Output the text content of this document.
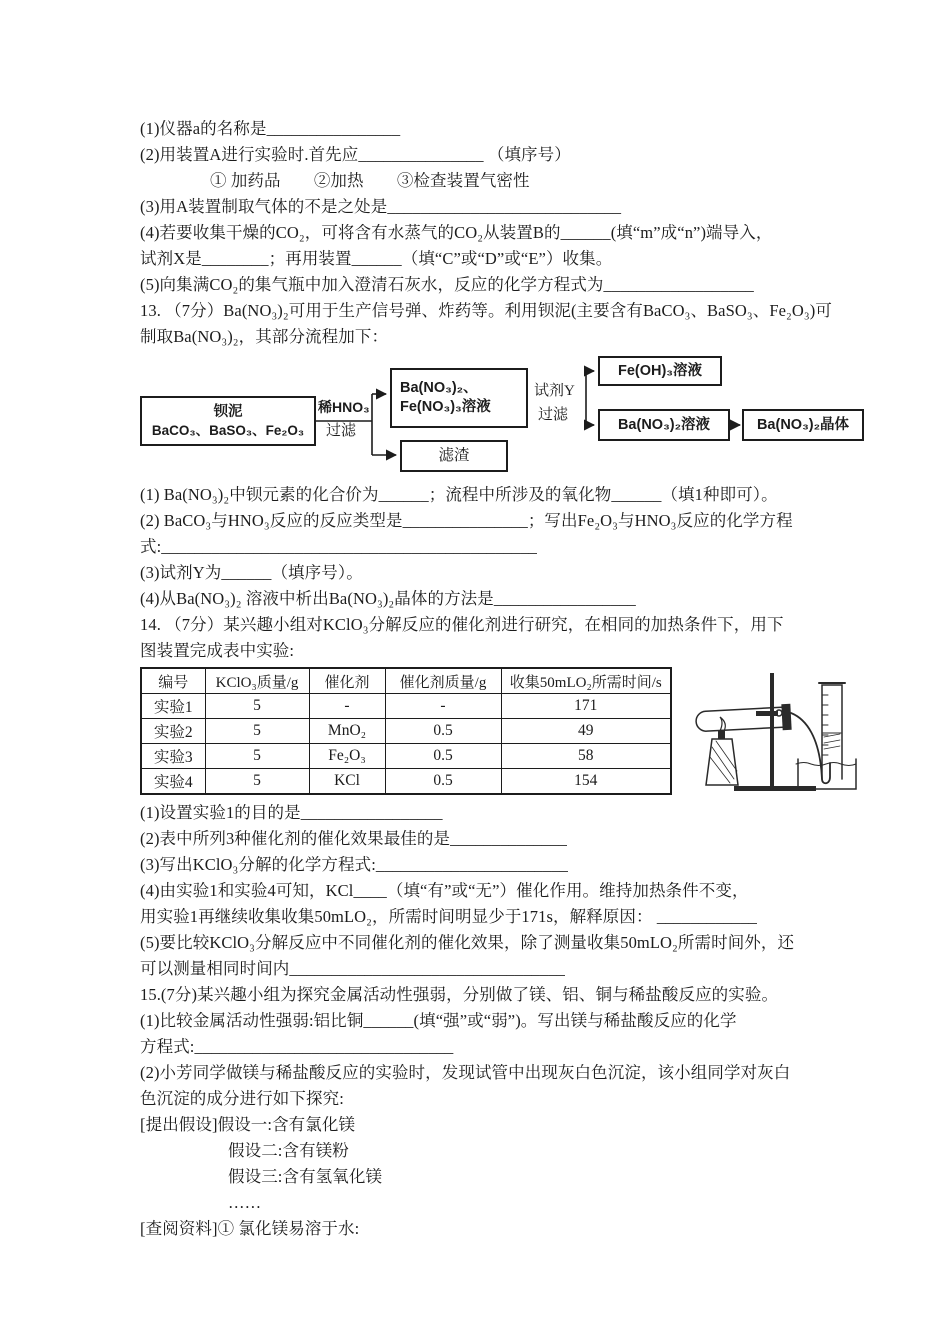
(1)仪器a的名称是________________
(2)用装置A进行实验时.首先应_______________ （填序号）
① 加药品　　②加热　　③检查装置气密性
(3)用A装置制取气体的不是之处是____________________________
(4)若要收集干燥的CO₂，可将含有水蒸气的CO₂从装置B的______(填“m”成“n”)端导入，
试剂X是________；再用装置______（填“C”或“D”或“E”）收集。
(5)向集满CO₂的集气瓶中加入澄清石灰水，反应的化学方程式为__________________
13. （7分）Ba(NO₃)₂可用于生产信号弹、炸药等。利用钡泥(主要含有BaCO₃、BaSO₃、Fe₂O₃)可
制取Ba(NO₃)₂，其部分流程加下：
钡泥
BaCO₃、BaSO₃、Fe₂O₃
稀HNO₃
过滤
Ba(NO₃)₂、
Fe(NO₃)₃溶液
滤渣
试剂Y
过滤
Fe(OH)₃溶液
Ba(NO₃)₂溶液	Ba(NO₃)₂晶体
(1) Ba(NO₃)₂中钡元素的化合价为______；流程中所涉及的氧化物______（填1种即可）。
(2) BaCO₃与HNO₃反应的反应类型是_______________；写出Fe₂O₃与HNO₃反应的化学方程
式:_____________________________________________
(3)试剂Y为______（填序号）。
(4)从Ba(NO₃)₂ 溶液中析出Ba(NO₃)₂晶体的方法是_________________
14. （7分）某兴趣小组对KClO₃分解反应的催化剂进行研究，在相同的加热条件下，用下
图装置完成表中实验:
编号	KClO₃质量/g	催化剂	催化剂质量/g	收集50mLO₂所需时间/s
实验1	5	-	-	171
实验2	5	MnO₂	0.5	49
实验3	5	Fe₂O₃	0.5	58
实验4	5	KCl	0.5	154
(1)设置实验1的目的是_________________
(2)表中所列3种催化剂的催化效果最佳的是______________
(3)写出KClO₃分解的化学方程式:_______________________
(4)由实验1和实验4可知，KCl____（填“有”或“无”）催化作用。维持加热条件不变，
用实验1再继续收集收集50mLO₂，所需时间明显少于171s，解释原因： ____________
(5)要比较KClO₃分解反应中不同催化剂的催化效果，除了测量收集50mLO₂所需时间外，还
可以测量相同时间内_________________________________
15.(7分)某兴趣小组为探究金属活动性强弱，分别做了镁、铝、铜与稀盐酸反应的实验。
(1)比较金属活动性强弱:铝比铜______(填“强”或“弱”)。写出镁与稀盐酸反应的化学
方程式:_______________________________
(2)小芳同学做镁与稀盐酸反应的实验时，发现试管中出现灰白色沉淀，该小组同学对灰白
色沉淀的成分进行如下探究:
[提出假设]假设一:含有氯化镁
假设二:含有镁粉
假设三:含有氢氧化镁
……
[查阅资料]① 氯化镁易溶于水:
